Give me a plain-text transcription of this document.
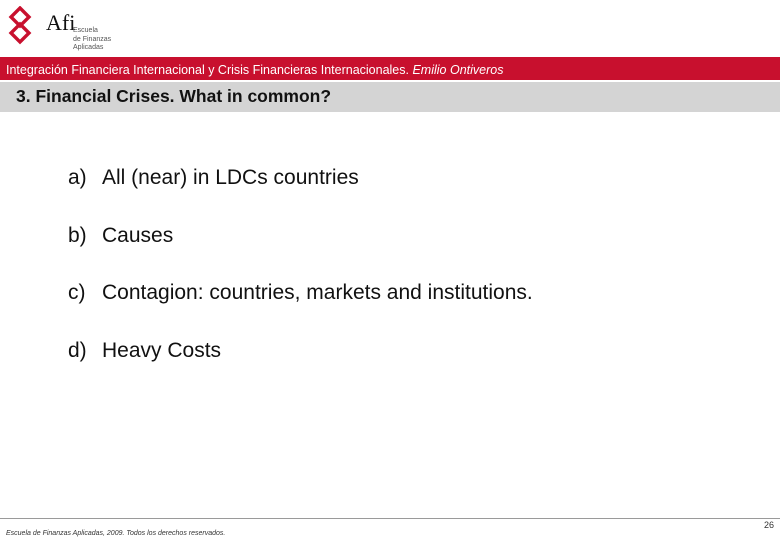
Afi
Escuela
de Finanzas
Aplicadas
Integración Financiera Internacional y Crisis Financieras Internacionales. Emilio Ontiveros
3. Financial Crises. What in common?
a) All (near) in LDCs countries
b) Causes
c) Contagion: countries, markets and institutions.
d) Heavy Costs
Escuela de Finanzas Aplicadas, 2009. Todos los derechos reservados.
26
